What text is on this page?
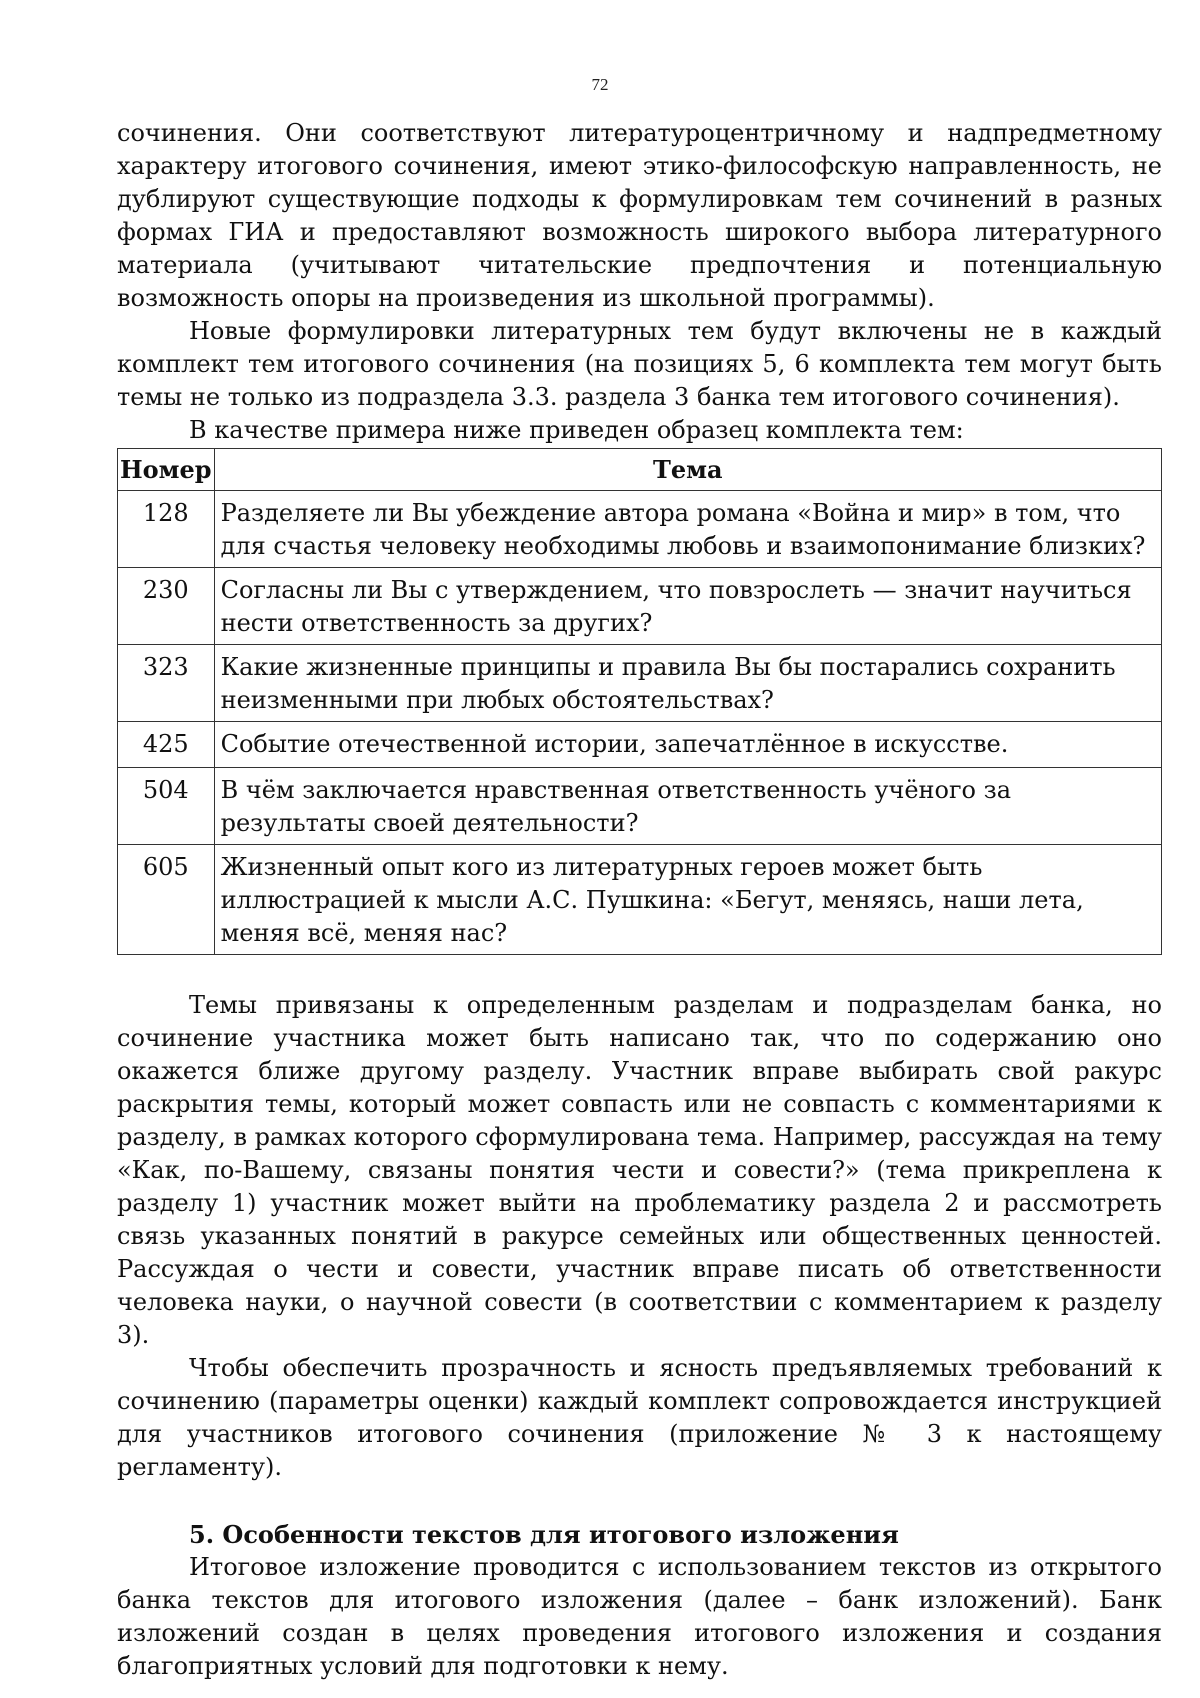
72

сочинения. Они соответствуют литературоцентричному и надпредметному характеру итогового сочинения, имеют этико-философскую направленность, не дублируют существующие подходы к формулировкам тем сочинений в разных формах ГИА и предоставляют возможность широкого выбора литературного материала (учитывают читательские предпочтения и потенциальную возможность опоры на произведения из школьной программы).

Новые формулировки литературных тем будут включены не в каждый комплект тем итогового сочинения (на позициях 5, 6 комплекта тем могут быть темы не только из подраздела 3.3. раздела 3 банка тем итогового сочинения).

В качестве примера ниже приведен образец комплекта тем:

Номер	Тема
128	Разделяете ли Вы убеждение автора романа «Война и мир» в том, что для счастья человеку необходимы любовь и взаимопонимание близких?
230	Согласны ли Вы с утверждением, что повзрослеть — значит научиться нести ответственность за других?
323	Какие жизненные принципы и правила Вы бы постарались сохранить неизменными при любых обстоятельствах?
425	Событие отечественной истории, запечатлённое в искусстве.
504	В чём заключается нравственная ответственность учёного за результаты своей деятельности?
605	Жизненный опыт кого из литературных героев может быть иллюстрацией к мысли А.С. Пушкина: «Бегут, меняясь, наши лета, меняя всё, меняя нас?

Темы привязаны к определенным разделам и подразделам банка, но сочинение участника может быть написано так, что по содержанию оно окажется ближе другому разделу. Участник вправе выбирать свой ракурс раскрытия темы, который может совпасть или не совпасть с комментариями к разделу, в рамках которого сформулирована тема. Например, рассуждая на тему «Как, по-Вашему, связаны понятия чести и совести?» (тема прикреплена к разделу 1) участник может выйти на проблематику раздела 2 и рассмотреть связь указанных понятий в ракурсе семейных или общественных ценностей. Рассуждая о чести и совести, участник вправе писать об ответственности человека науки, о научной совести (в соответствии с комментарием к разделу 3).

Чтобы обеспечить прозрачность и ясность предъявляемых требований к сочинению (параметры оценки) каждый комплект сопровождается инструкцией для участников итогового сочинения (приложение № 3 к настоящему регламенту).

5. Особенности текстов для итогового изложения

Итоговое изложение проводится с использованием текстов из открытого банка текстов для итогового изложения (далее – банк изложений). Банк изложений создан в целях проведения итогового изложения и создания благоприятных условий для подготовки к нему.
